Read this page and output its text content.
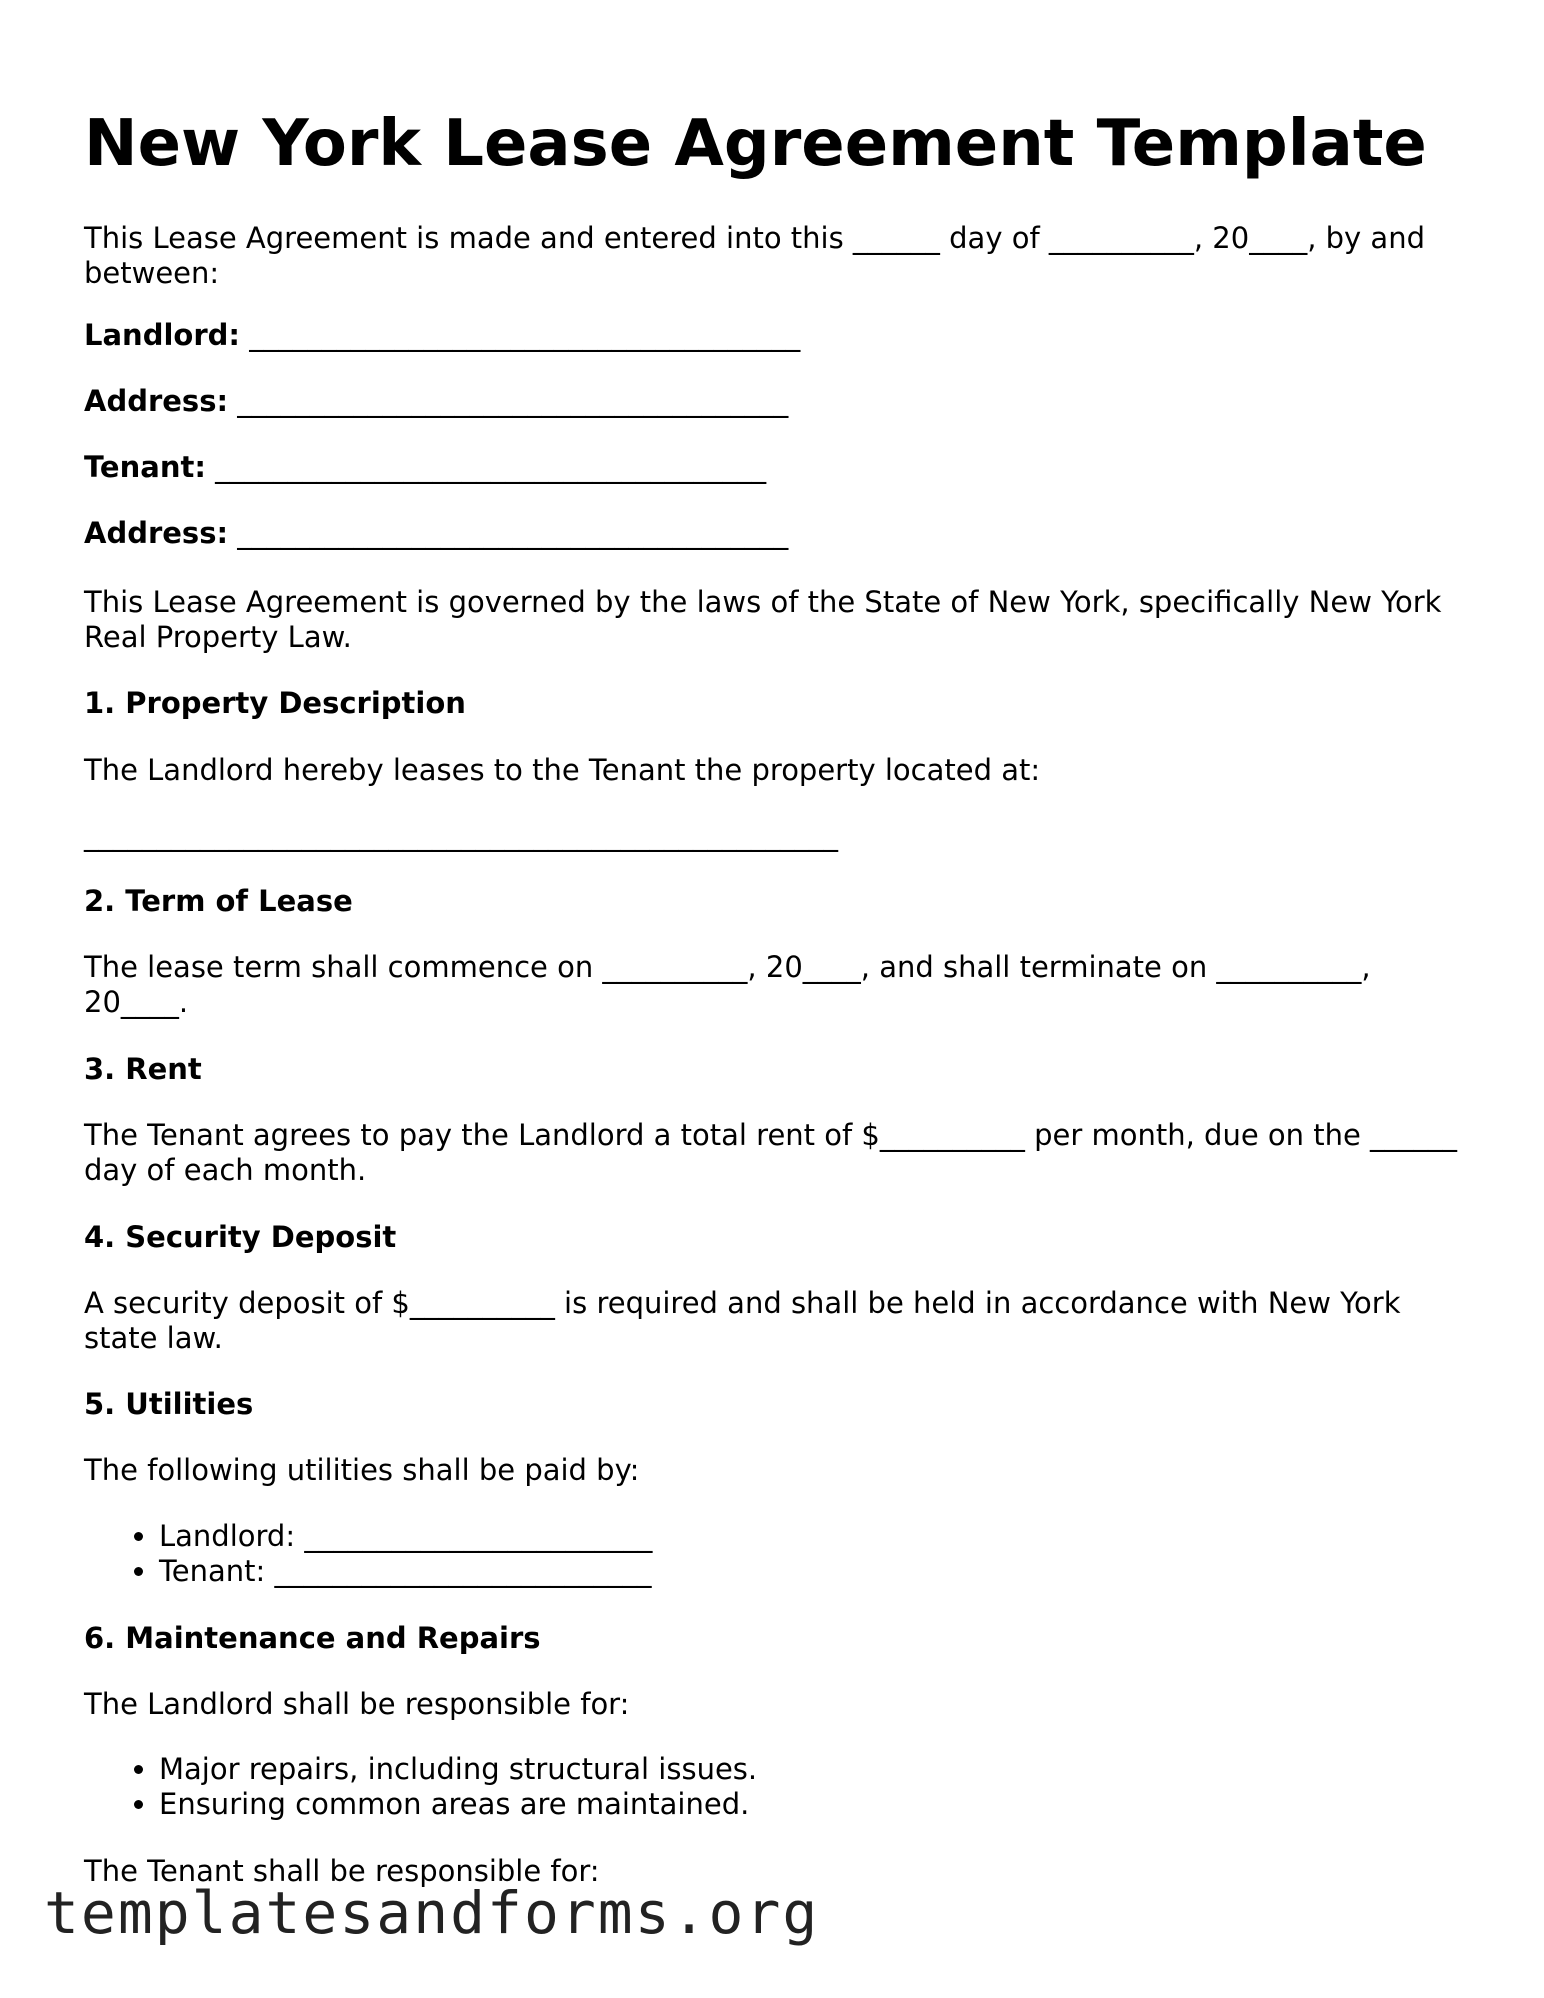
New York Lease Agreement Template

This Lease Agreement is made and entered into this ______ day of __________, 20____, by and between:

Landlord: ______________________________________

Address: ______________________________________

Tenant: ______________________________________

Address: ______________________________________

This Lease Agreement is governed by the laws of the State of New York, specifically New York Real Property Law.

1. Property Description

The Landlord hereby leases to the Tenant the property located at:

____________________________________________________

2. Term of Lease

The lease term shall commence on __________, 20____, and shall terminate on __________, 20____.

3. Rent

The Tenant agrees to pay the Landlord a total rent of $__________ per month, due on the ______ day of each month.

4. Security Deposit

A security deposit of $__________ is required and shall be held in accordance with New York state law.

5. Utilities

The following utilities shall be paid by:

• Landlord: ________________________
• Tenant: __________________________

6. Maintenance and Repairs

The Landlord shall be responsible for:

• Major repairs, including structural issues.
• Ensuring common areas are maintained.

The Tenant shall be responsible for:

templatesandforms.org
